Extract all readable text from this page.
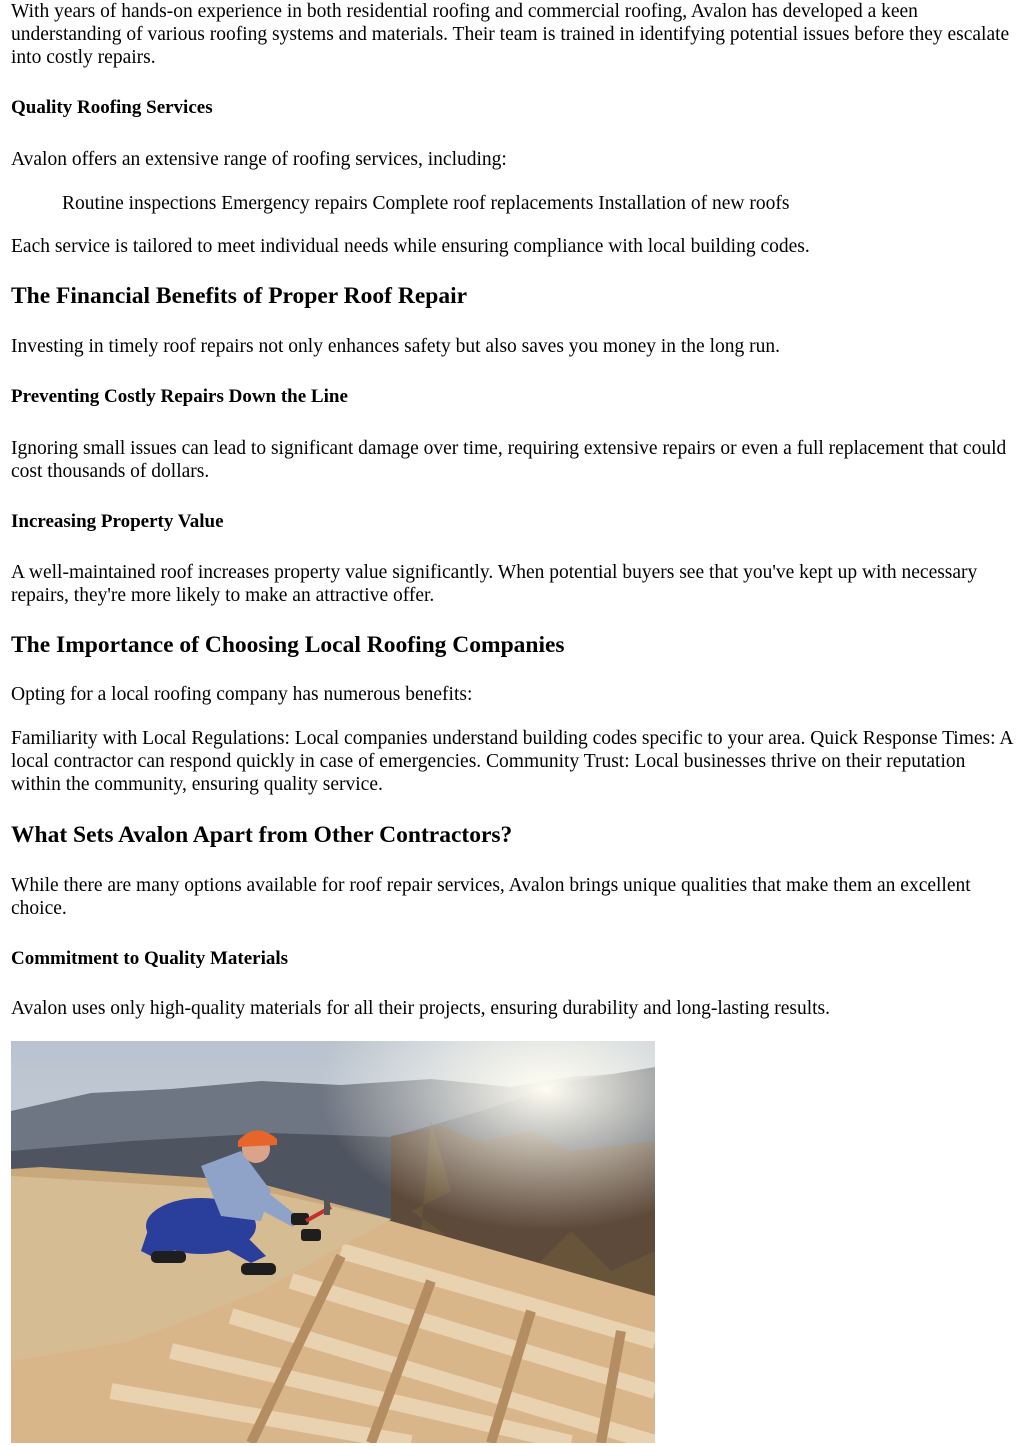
With years of hands-on experience in both residential roofing and commercial roofing, Avalon has developed a keen understanding of various roofing systems and materials. Their team is trained in identifying potential issues before they escalate into costly repairs.

Quality Roofing Services

Avalon offers an extensive range of roofing services, including:

Routine inspections Emergency repairs Complete roof replacements Installation of new roofs

Each service is tailored to meet individual needs while ensuring compliance with local building codes.

The Financial Benefits of Proper Roof Repair

Investing in timely roof repairs not only enhances safety but also saves you money in the long run.

Preventing Costly Repairs Down the Line

Ignoring small issues can lead to significant damage over time, requiring extensive repairs or even a full replacement that could cost thousands of dollars.

Increasing Property Value

A well-maintained roof increases property value significantly. When potential buyers see that you've kept up with necessary repairs, they're more likely to make an attractive offer.

The Importance of Choosing Local Roofing Companies

Opting for a local roofing company has numerous benefits:

Familiarity with Local Regulations: Local companies understand building codes specific to your area. Quick Response Times: A local contractor can respond quickly in case of emergencies. Community Trust: Local businesses thrive on their reputation within the community, ensuring quality service.

What Sets Avalon Apart from Other Contractors?

While there are many options available for roof repair services, Avalon brings unique qualities that make them an excellent choice.

Commitment to Quality Materials

Avalon uses only high-quality materials for all their projects, ensuring durability and long-lasting results.
